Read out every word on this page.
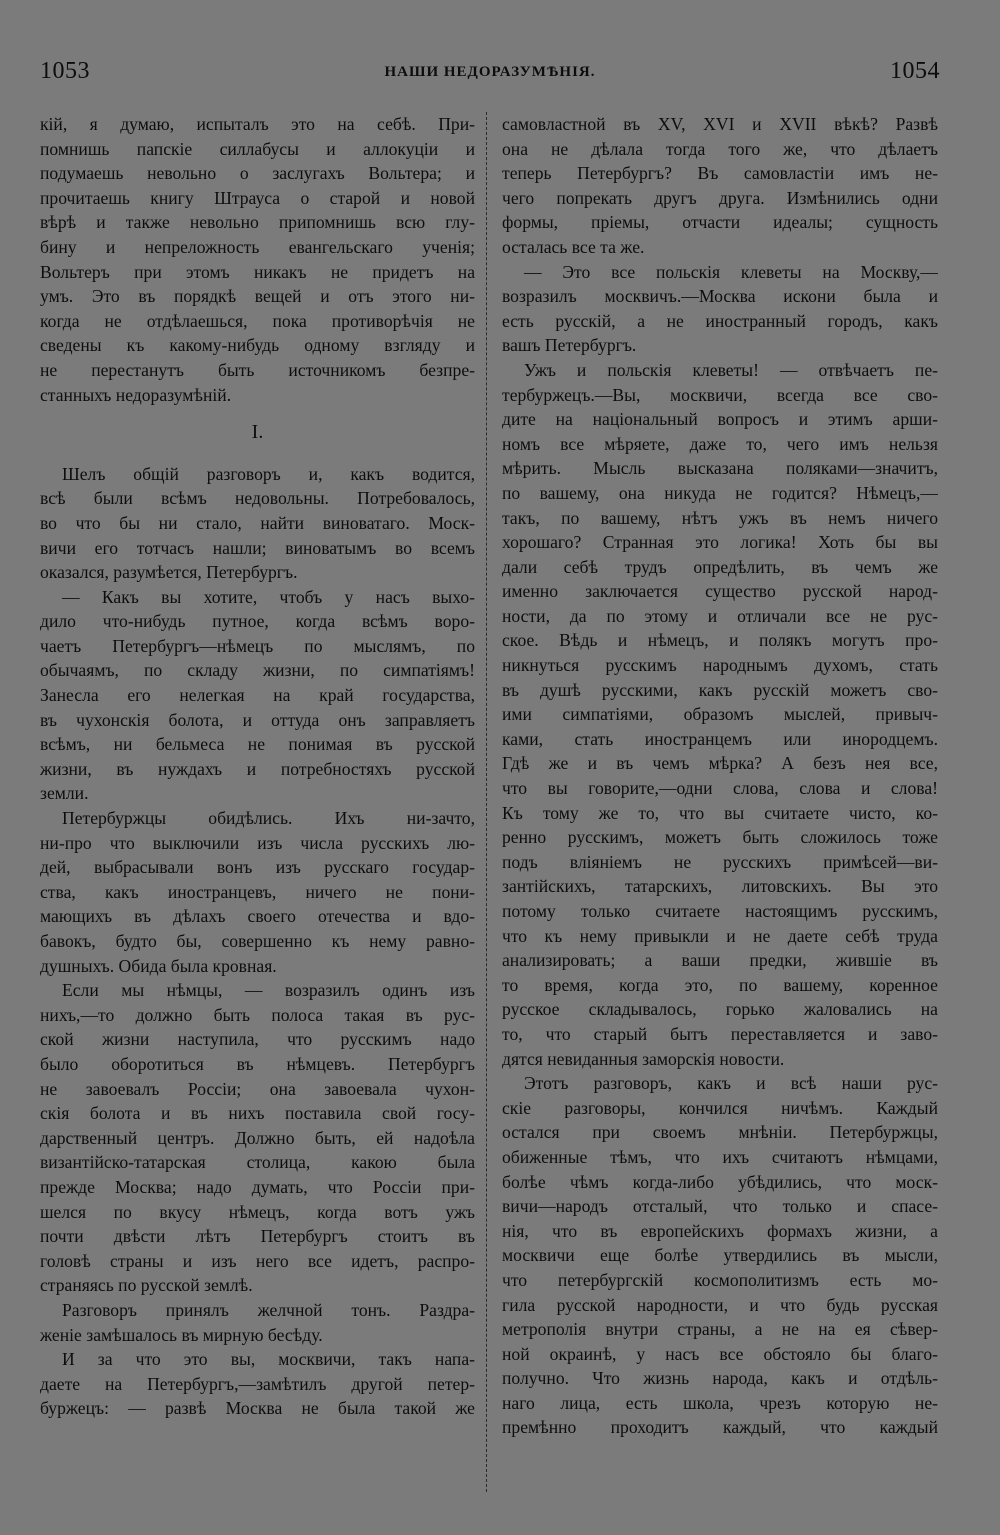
1053	НАШИ НЕДОРАЗУМѢНІЯ.	1054
кій, я думаю, испыталъ это на себѣ. При-
помнишь папскіе силлабусы и аллокуціи и
подумаешь невольно о заслугахъ Вольтера; и
прочитаешь книгу Штрауса о старой и новой
вѣрѣ и также невольно припомнишь всю глу-
бину и непреложность евангельскаго ученія;
Вольтеръ при этомъ никакъ не придетъ на
умъ. Это въ порядкѣ вещей и отъ этого ни-
когда не отдѣлаешься, пока противорѣчія не
сведены къ какому-нибудь одному взгляду и
не перестанутъ быть источникомъ безпре-
станныхъ недоразумѣній.
I.
Шелъ общій разговоръ и, какъ водится,
всѣ были всѣмъ недовольны. Потребовалось,
во что бы ни стало, найти виноватаго. Моск-
вичи его тотчасъ нашли; виноватымъ во всемъ
оказался, разумѣется, Петербургъ.
— Какъ вы хотите, чтобъ у насъ выхо-
дило что-нибудь путное, когда всѣмъ воро-
чаетъ Петербургъ—нѣмецъ по мыслямъ, по
обычаямъ, по складу жизни, по симпатіямъ!
Занесла его нелегкая на край государства,
въ чухонскія болота, и оттуда онъ заправляетъ
всѣмъ, ни бельмеса не понимая въ русской
жизни, въ нуждахъ и потребностяхъ русской
земли.
Петербуржцы обидѣлись. Ихъ ни-зачто,
ни-про что выключили изъ числа русскихъ лю-
дей, выбрасывали вонъ изъ русскаго государ-
ства, какъ иностранцевъ, ничего не пони-
мающихъ въ дѣлахъ своего отечества и вдо-
бавокъ, будто бы, совершенно къ нему равно-
душныхъ. Обида была кровная.
Если мы нѣмцы, — возразилъ одинъ изъ
нихъ,—то должно быть полоса такая въ рус-
ской жизни наступила, что русскимъ надо
было оборотиться въ нѣмцевъ. Петербургъ
не завоевалъ Россіи; она завоевала чухон-
скія болота и въ нихъ поставила свой госу-
дарственный центръ. Должно быть, ей надоѣла
византійско-татарская столица, какою была
прежде Москва; надо думать, что Россіи при-
шелся по вкусу нѣмецъ, когда вотъ ужъ
почти двѣсти лѣтъ Петербургъ стоитъ въ
головѣ страны и изъ него все идетъ, распро-
страняясь по русской землѣ.
Разговоръ принялъ желчной тонъ. Раздра-
женіе замѣшалось въ мирную бесѣду.
И за что это вы, москвичи, такъ напа-
даете на Петербургъ,—замѣтилъ другой петер-
буржецъ: — развѣ Москва не была такой же
самовластной въ XV, XVI и XVII вѣкѣ? Развѣ
она не дѣлала тогда того же, что дѣлаетъ
теперь Петербургъ? Въ самовластіи имъ не-
чего попрекать другъ друга. Измѣнились одни
формы, пріемы, отчасти идеалы; сущность
осталась все та же.
— Это все польскія клеветы на Москву,—
возразилъ москвичъ.—Москва искони была и
есть русскій, а не иностранный городъ, какъ
вашъ Петербургъ.
Ужъ и польскія клеветы! — отвѣчаетъ пе-
тербуржецъ.—Вы, москвичи, всегда все сво-
дите на національный вопросъ и этимъ арши-
номъ все мѣряете, даже то, чего имъ нельзя
мѣрить. Мысль высказана поляками—значитъ,
по вашему, она никуда не годится? Нѣмецъ,—
такъ, по вашему, нѣтъ ужъ въ немъ ничего
хорошаго? Странная это логика! Хоть бы вы
дали себѣ трудъ опредѣлить, въ чемъ же
именно заключается существо русской народ-
ности, да по этому и отличали все не рус-
ское. Вѣдь и нѣмецъ, и полякъ могутъ про-
никнуться русскимъ народнымъ духомъ, стать
въ душѣ русскими, какъ русскій можетъ сво-
ими симпатіями, образомъ мыслей, привыч-
ками, стать иностранцемъ или инородцемъ.
Гдѣ же и въ чемъ мѣрка? А безъ нея все,
что вы говорите,—одни слова, слова и слова!
Къ тому же то, что вы считаете чисто, ко-
ренно русскимъ, можетъ быть сложилось тоже
подъ вліяніемъ не русскихъ примѣсей—ви-
зантійскихъ, татарскихъ, литовскихъ. Вы это
потому только считаете настоящимъ русскимъ,
что къ нему привыкли и не даете себѣ труда
анализировать; а ваши предки, жившіе въ
то время, когда это, по вашему, коренное
русское складывалось, горько жаловались на
то, что старый бытъ переставляется и заво-
дятся невиданныя заморскія новости.
Этотъ разговоръ, какъ и всѣ наши рус-
скіе разговоры, кончился ничѣмъ. Каждый
остался при своемъ мнѣніи. Петербуржцы,
обиженные тѣмъ, что ихъ считаютъ нѣмцами,
болѣе чѣмъ когда-либо убѣдились, что моск-
вичи—народъ отсталый, что только и спасе-
нія, что въ европейскихъ формахъ жизни, а
москвичи еще болѣе утвердились въ мысли,
что петербургскій космополитизмъ есть мо-
гила русской народности, и что будь русская
метрополія внутри страны, а не на ея сѣвер-
ной окраинѣ, у насъ все обстояло бы благо-
получно. Что жизнь народа, какъ и отдѣль-
наго лица, есть школа, чрезъ которую не-
премѣнно проходитъ каждый, что каждый
